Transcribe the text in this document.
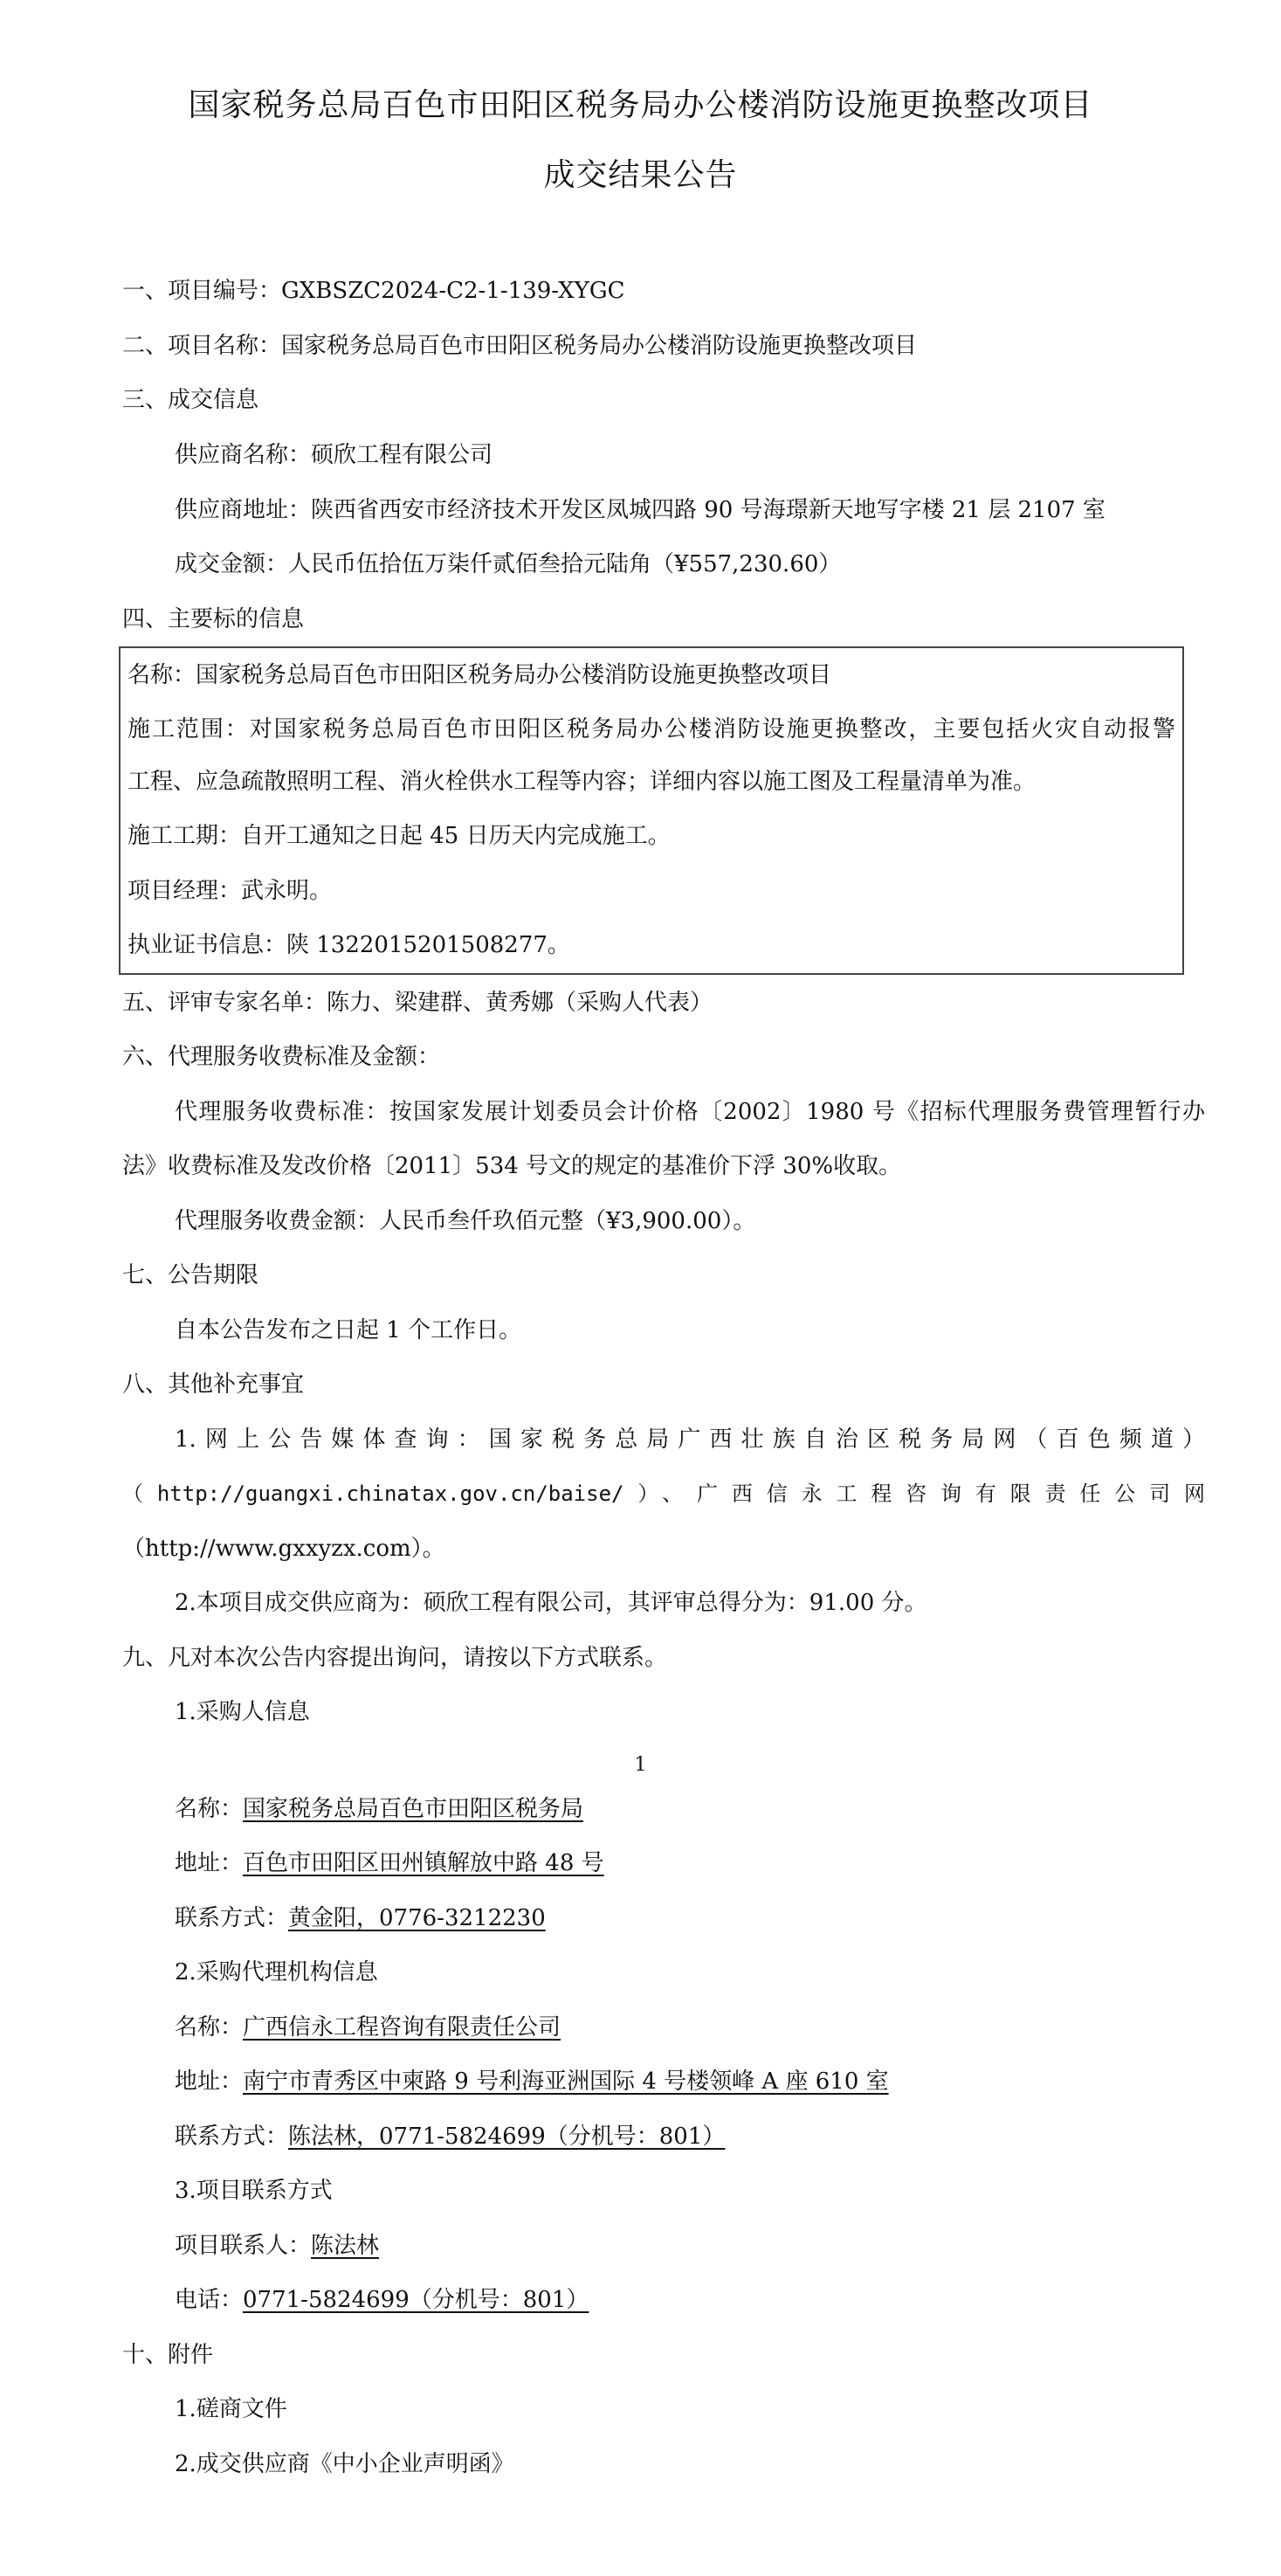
国家税务总局百色市田阳区税务局办公楼消防设施更换整改项目
成交结果公告
一、项目编号：GXBSZC2024-C2-1-139-XYGC
二、项目名称：国家税务总局百色市田阳区税务局办公楼消防设施更换整改项目
三、成交信息
供应商名称：硕欣工程有限公司
供应商地址：陕西省西安市经济技术开发区凤城四路 90 号海璟新天地写字楼 21 层 2107 室
成交金额：人民币伍拾伍万柒仟贰佰叁拾元陆角（¥557,230.60）
四、主要标的信息
名称：国家税务总局百色市田阳区税务局办公楼消防设施更换整改项目
施工范围：对国家税务总局百色市田阳区税务局办公楼消防设施更换整改，主要包括火灾自动报警
工程、应急疏散照明工程、消火栓供水工程等内容；详细内容以施工图及工程量清单为准。
施工工期：自开工通知之日起 45 日历天内完成施工。
项目经理：武永明。
执业证书信息：陕 1322015201508277。
五、评审专家名单：陈力、梁建群、黄秀娜（采购人代表）
六、代理服务收费标准及金额：
代理服务收费标准：按国家发展计划委员会计价格〔2002〕1980 号《招标代理服务费管理暂行办
法》收费标准及发改价格〔2011〕534 号文的规定的基准价下浮 30%收取。
代理服务收费金额：人民币叁仟玖佰元整（¥3,900.00）。
七、公告期限
自本公告发布之日起 1 个工作日。
八、其他补充事宜
1.网上公告媒体查询：国家税务总局广西壮族自治区税务局网（百色频道）
（http://guangxi.chinatax.gov.cn/baise/）、广西信永工程咨询有限责任公司网
（http://www.gxxyzx.com）。
2.本项目成交供应商为：硕欣工程有限公司，其评审总得分为：91.00 分。
九、凡对本次公告内容提出询问，请按以下方式联系。
1.采购人信息
1
名称：国家税务总局百色市田阳区税务局
地址：百色市田阳区田州镇解放中路 48 号
联系方式：黄金阳，0776-3212230
2.采购代理机构信息
名称：广西信永工程咨询有限责任公司
地址：南宁市青秀区中柬路 9 号利海亚洲国际 4 号楼领峰 A 座 610 室
联系方式：陈法林，0771-5824699（分机号：801）
3.项目联系方式
项目联系人：陈法林
电话：0771-5824699（分机号：801）
十、附件
1.磋商文件
2.成交供应商《中小企业声明函》
